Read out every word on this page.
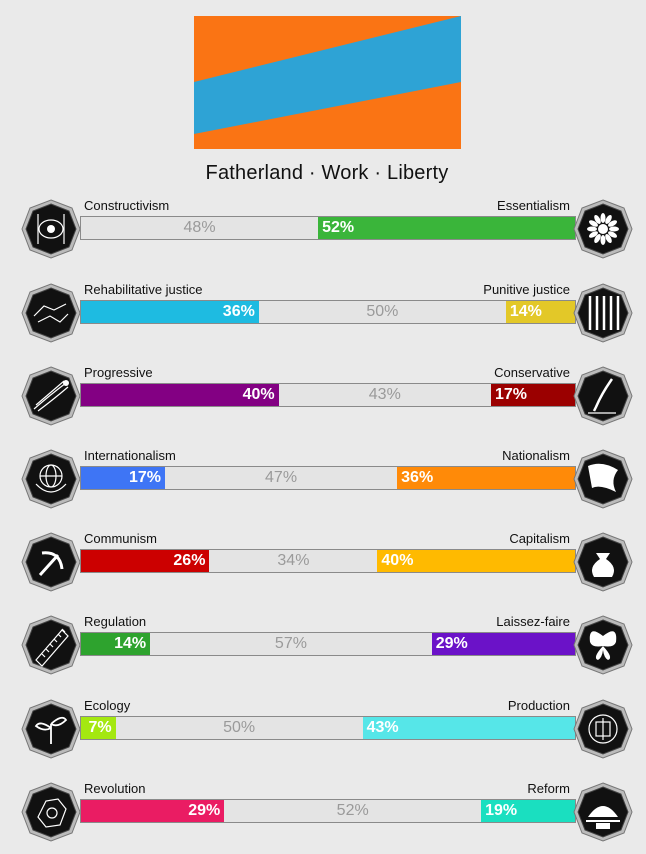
Fatherland · Work · Liberty
Constructivism	Essentialism
48%	52%
Rehabilitative justice	Punitive justice
36%	50%	14%
Progressive	Conservative
40%	43%	17%
Internationalism	Nationalism
17%	47%	36%
Communism	Capitalism
26%	34%	40%
Regulation	Laissez-faire
14%	57%	29%
Ecology	Production
7%	50%	43%
Revolution	Reform
29%	52%	19%
